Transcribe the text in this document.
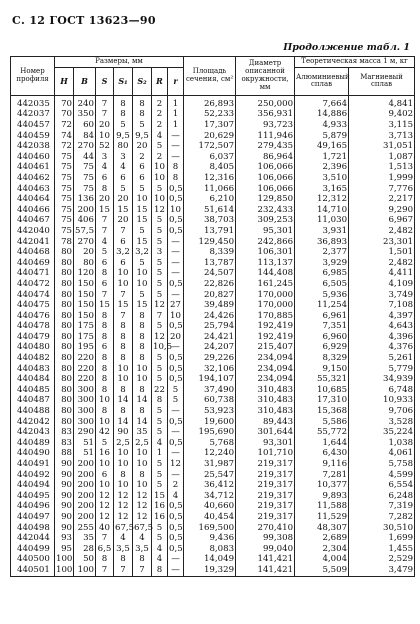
С. 12 ГОСТ 13623—90
Продолжение табл. 1
Номер профиля	Размеры, мм							Площадь сечения, см²	Диаметр описанной окружности, мм	Теоретическая масса 1 м, кг	
	H	B	S	S₁	S₂	R	r			Алюминиевый сплав	Магниевый сплав
442035	70	240	7	8	8	2	1	26,893	250,000	7,664	4,841
442037	70	350	7	8	8	2	1	52,233	356,931	14,886	9,402
440457	72	60	20	5	5	2	1	17,307	93,723	4,933	3,115
440459	74	84	10	9,5	9,5	4	—	20,629	111,946	5,879	3,713
442038	72	270	52	80	20	5	—	172,507	279,435	49,165	31,051
440460	75	44	3	3	2	2	—	6,037	86,964	1,721	1,087
440461	75	75	4	4	6	10	8	8,405	106,066	2,396	1,513
440462	75	75	6	6	6	10	8	12,316	106,066	3,510	1,999
440463	75	75	8	5	5	5	0,5	11,066	106,066	3,165	7,776
440464	75	136	20	20	10	10	0,5	6,210	129,850	12,312	2,217
440466	75	200	15	15	15	12	10	51,614	232,433	14,710	9,290
440467	75	406	7	20	15	5	0,5	38,703	309,253	11,030	6,967
442040	75	57,5	7	7	5	5	0,5	13,791	95,301	3,931	2,482
442041	78	270	4	6	15	5	—	129,450	242,866	36,893	23,301
440468	80	20	5	3,2	3,2	3	—	8,339	106,301	2,377	1,501
440469	80	80	6	6	5	5	—	13,787	113,137	3,929	2,482
440471	80	120	8	10	10	5	—	24,507	144,408	6,985	4,411
440472	80	150	6	10	10	5	0,5	22,826	161,245	6,505	4,109
440474	80	150	7	7	5	5	—	20,827	170,000	5,936	3,749
440475	80	150	15	15	15	12	27	39,489	170,000	11,254	7,108
440476	80	150	8	7	8	7	10	24,426	170,885	6,961	4,397
440478	80	175	8	8	8	5	0,5	25,794	192,419	7,351	4,643
440479	80	175	8	8	8	12	20	24,421	192,419	6,960	4,396
440480	80	195	6	8	8	10,5	—	24,207	215,407	6,929	4,376
440482	80	220	8	8	8	5	0,5	29,226	234,094	8,329	5,261
440483	80	220	8	10	10	5	0,5	32,106	234,094	9,150	5,779
440484	80	220	8	10	10	5	0,5	194,107	234,094	55,321	34,939
440485	80	300	8	8	8	22	5	37,490	310,483	10,685	6,748
440487	80	300	10	14	14	8	5	60,738	310,483	17,310	10,933
440488	80	300	8	8	8	5	—	53,923	310,483	15,368	9,706
442042	80	300	10	14	14	5	0,5	19,600	89,443	5,586	3,528
442043	83	290	42	90	35	5	—	195,690	301,644	55,772	35,224
440489	83	51	5	2,5	2,5	4	0,5	5,768	93,301	1,644	1,038
440490	88	51	16	10	10	1	—	12,240	101,710	6,430	4,061
440491	90	200	10	10	10	5	12	31,987	219,317	9,116	5,758
440492	90	200	6	8	8	5	—	25,547	219,317	7,281	4,599
440494	90	200	10	10	10	5	2	36,412	219,317	10,377	6,554
440495	90	200	12	12	12	15	4	34,712	219,317	9,893	6,248
440496	90	200	12	12	12	16	0,5	40,660	219,317	11,588	7,319
440497	90	200	12	12	12	16	0,5	40,454	219,317	11,529	7,282
440498	90	255	40	67,5	67,5	5	0,5	169,500	270,410	48,307	30,510
442044	93	35	7	4	4	5	0,5	9,436	99,308	2,689	1,699
440499	95	28	6,5	3,5	3,5	4	0,5	8,083	99,040	2,304	1,455
440500	100	50	8	8	8	4	—	14,049	141,421	4,004	2,529
440501	100	100	7	7	7	8	—	19,329	141,421	5,509	3,479
